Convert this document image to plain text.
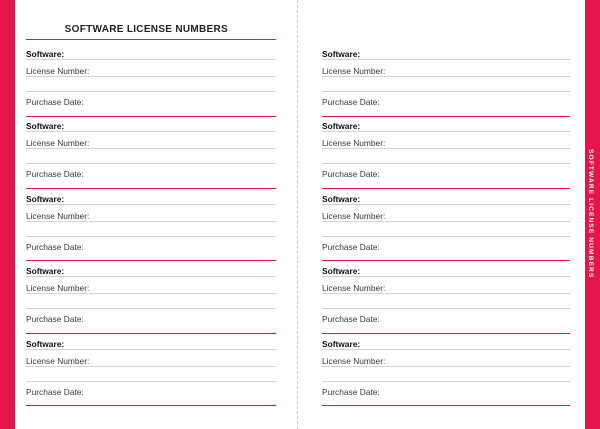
SOFTWARE LICENSE NUMBERS
SOFTWARE LICENSE NUMBERS
Software:
License Number:
Purchase Date:
Software:
License Number:
Purchase Date:
Software:
License Number:
Purchase Date:
Software:
License Number:
Purchase Date:
Software:
License Number:
Purchase Date:
Software:
License Number:
Purchase Date:
Software:
License Number:
Purchase Date:
Software:
License Number:
Purchase Date:
Software:
License Number:
Purchase Date:
Software:
License Number:
Purchase Date:
